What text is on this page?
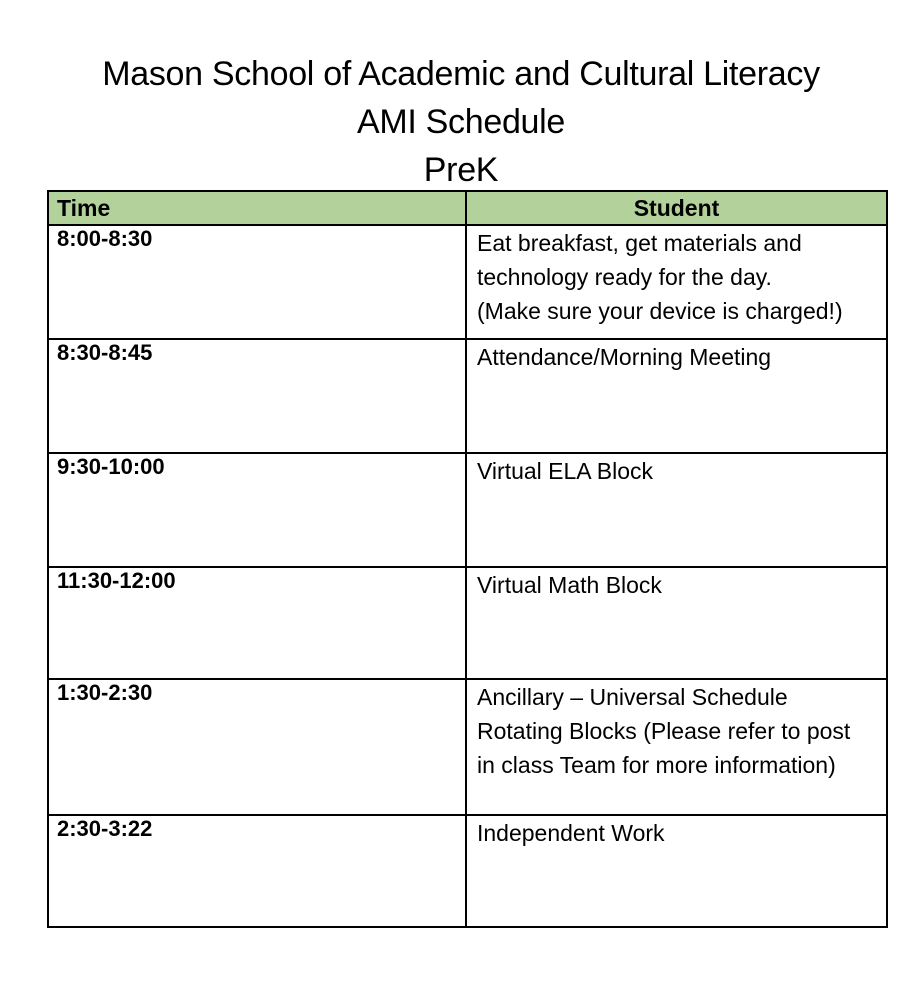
Mason School of Academic and Cultural Literacy
AMI Schedule
PreK
Time	Student
8:00-8:30	Eat breakfast, get materials and
technology ready for the day.
(Make sure your device is charged!)

8:30-8:45	Attendance/Morning Meeting

9:30-10:00	Virtual ELA Block

11:30-12:00	Virtual Math Block

1:30-2:30	Ancillary – Universal Schedule
Rotating Blocks (Please refer to post
in class Team for more information)

2:30-3:22	Independent Work
